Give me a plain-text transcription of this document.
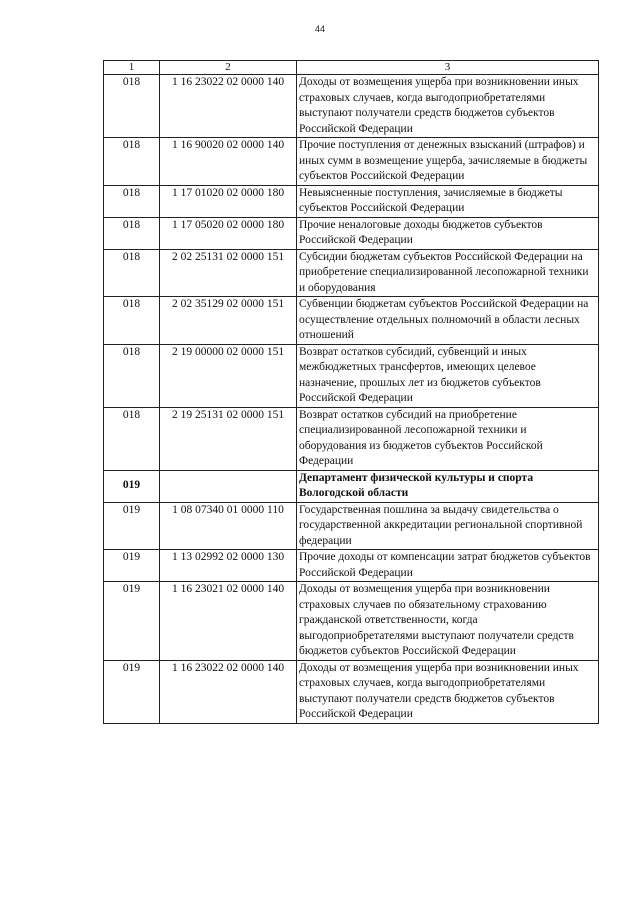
44
1	2	3
018	1 16 23022 02 0000 140	Доходы от возмещения ущерба при возникновении иных страховых случаев, когда выгодоприобретателями выступают получатели средств бюджетов субъектов Российской Федерации
018	1 16 90020 02 0000 140	Прочие поступления от денежных взысканий (штрафов) и иных сумм в возмещение ущерба, зачисляемые в бюджеты субъектов Российской Федерации
018	1 17 01020 02 0000 180	Невыясненные поступления, зачисляемые в бюджеты субъектов Российской Федерации
018	1 17 05020 02 0000 180	Прочие неналоговые доходы бюджетов субъектов Российской Федерации
018	2 02 25131 02 0000 151	Субсидии бюджетам субъектов Российской Федерации на приобретение специализированной лесопожарной техники и оборудования
018	2 02 35129 02 0000 151	Субвенции бюджетам субъектов Российской Федерации на осуществление отдельных полномочий в области лесных отношений
018	2 19 00000 02 0000 151	Возврат остатков субсидий, субвенций и иных межбюджетных трансфертов, имеющих целевое назначение, прошлых лет из бюджетов субъектов Российской Федерации
018	2 19 25131 02 0000 151	Возврат остатков субсидий на приобретение специализированной лесопожарной техники и оборудования из бюджетов субъектов Российской Федерации
019		Департамент физической культуры и спорта Вологодской области
019	1 08 07340 01 0000 110	Государственная пошлина за выдачу свидетельства о государственной аккредитации региональной спортивной федерации
019	1 13 02992 02 0000 130	Прочие доходы от компенсации затрат бюджетов субъектов Российской Федерации
019	1 16 23021 02 0000 140	Доходы от возмещения ущерба при возникновении страховых случаев по обязательному страхованию гражданской ответственности, когда выгодоприобретателями выступают получатели средств бюджетов субъектов Российской Федерации
019	1 16 23022 02 0000 140	Доходы от возмещения ущерба при возникновении иных страховых случаев, когда выгодоприобретателями выступают получатели средств бюджетов субъектов Российской Федерации
